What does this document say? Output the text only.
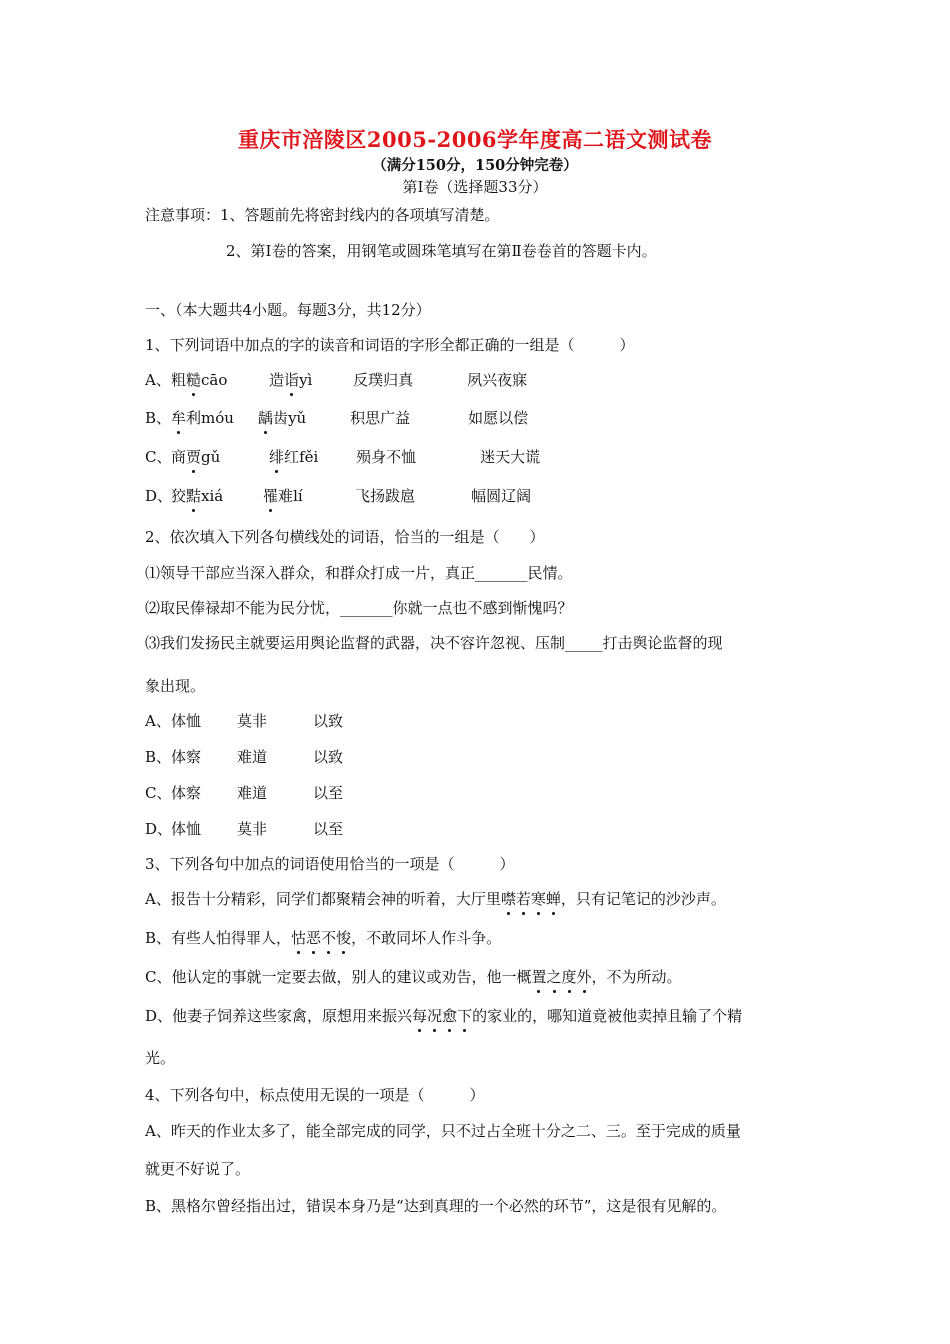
重庆市涪陵区2005-2006学年度高二语文测试卷
（满分150分，150分钟完卷）
第Ⅰ卷（选择题33分）
注意事项：1、答题前先将密封线内的各项填写清楚。
2、第Ⅰ卷的答案，用钢笔或圆珠笔填写在第Ⅱ卷卷首的答题卡内。
一、（本大题共4小题。每题3分，共12分）
1、下列词语中加点的字的读音和词语的字形全都正确的一组是（　　　）
A、粗糙cāo	造诣yì	反璞归真	夙兴夜寐
B、牟利móu 龋齿yǔ	积思广益	如愿以偿
C、商贾gǔ	绯红fěi	殒身不恤	迷天大谎
D、狡黠xiá	罹难lí	飞扬跋扈	幅圆辽阔
2、依次填入下列各句横线处的词语，恰当的一组是（　　）
⑴领导干部应当深入群众，和群众打成一片，真正_______民情。
⑵取民俸禄却不能为民分忧，_______你就一点也不感到惭愧吗？
⑶我们发扬民主就要运用舆论监督的武器，决不容许忽视、压制_____打击舆论监督的现
象出现。
A、体恤 莫非	以致
B、体察 难道	以致
C、体察 难道	以至
D、体恤 莫非	以至
3、下列各句中加点的词语使用恰当的一项是（　　　）
A、报告十分精彩，同学们都聚精会神的听着，大厅里噤若寒蝉，只有记笔记的沙沙声。
B、有些人怕得罪人，怙恶不悛，不敢同坏人作斗争。
C、他认定的事就一定要去做，别人的建议或劝告，他一概置之度外，不为所动。
D、他妻子饲养这些家禽，原想用来振兴每况愈下的家业的，哪知道竟被他卖掉且输了个精
光。
4、下列各句中，标点使用无误的一项是（　　　）
A、昨天的作业太多了，能全部完成的同学，只不过占全班十分之二、三。至于完成的质量
就更不好说了。
B、黑格尔曾经指出过，错误本身乃是“达到真理的一个必然的环节”，这是很有见解的。
